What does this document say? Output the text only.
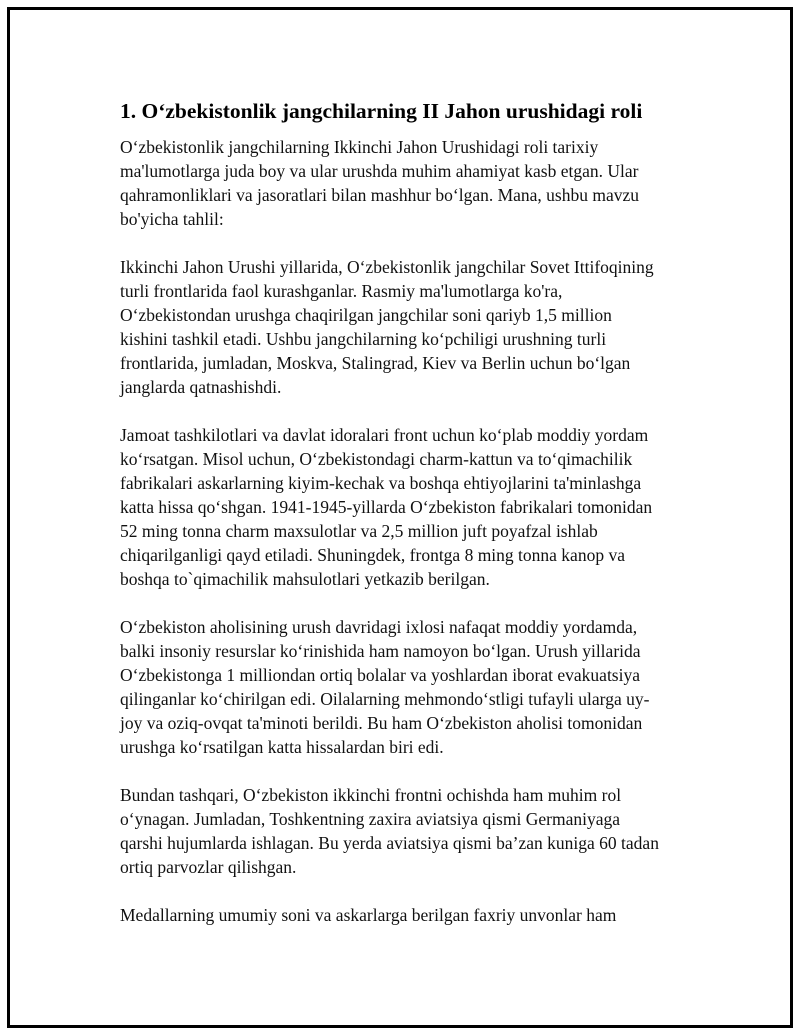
1. O‘zbekistonlik jangchilarning II Jahon urushidagi roli
O‘zbekistonlik jangchilarning Ikkinchi Jahon Urushidagi roli tarixiy
ma'lumotlarga juda boy va ular urushda muhim ahamiyat kasb etgan. Ular
qahramonliklari va jasoratlari bilan mashhur bo‘lgan. Mana, ushbu mavzu
bo'yicha tahlil:
Ikkinchi Jahon Urushi yillarida, O‘zbekistonlik jangchilar Sovet Ittifoqining
turli frontlarida faol kurashganlar. Rasmiy ma'lumotlarga ko'ra,
O‘zbekistondan urushga chaqirilgan jangchilar soni qariyb 1,5 million
kishini tashkil etadi. Ushbu jangchilarning ko‘pchiligi urushning turli
frontlarida, jumladan, Moskva, Stalingrad, Kiev va Berlin uchun bo‘lgan
janglarda qatnashishdi.
Jamoat tashkilotlari va davlat idoralari front uchun ko‘plab moddiy yordam
ko‘rsatgan. Misol uchun, O‘zbekistondagi charm-kattun va to‘qimachilik
fabrikalari askarlarning kiyim-kechak va boshqa ehtiyojlarini ta'minlashga
katta hissa qo‘shgan. 1941-1945-yillarda O‘zbekiston fabrikalari tomonidan
52 ming tonna charm maxsulotlar va 2,5 million juft poyafzal ishlab
chiqarilganligi qayd etiladi. Shuningdek, frontga 8 ming tonna kanop va
boshqa to`qimachilik mahsulotlari yetkazib berilgan.
O‘zbekiston aholisining urush davridagi ixlosi nafaqat moddiy yordamda,
balki insoniy resurslar ko‘rinishida ham namoyon bo‘lgan. Urush yillarida
O‘zbekistonga 1 milliondan ortiq bolalar va yoshlardan iborat evakuatsiya
qilinganlar ko‘chirilgan edi. Oilalarning mehmondo‘stligi tufayli ularga uy-
joy va oziq-ovqat ta'minoti berildi. Bu ham O‘zbekiston aholisi tomonidan
urushga ko‘rsatilgan katta hissalardan biri edi.
Bundan tashqari, O‘zbekiston ikkinchi frontni ochishda ham muhim rol
o‘ynagan. Jumladan, Toshkentning zaxira aviatsiya qismi Germaniyaga
qarshi hujumlarda ishlagan. Bu yerda aviatsiya qismi ba’zan kuniga 60 tadan
ortiq parvozlar qilishgan.
Medallarning umumiy soni va askarlarga berilgan faxriy unvonlar ham
